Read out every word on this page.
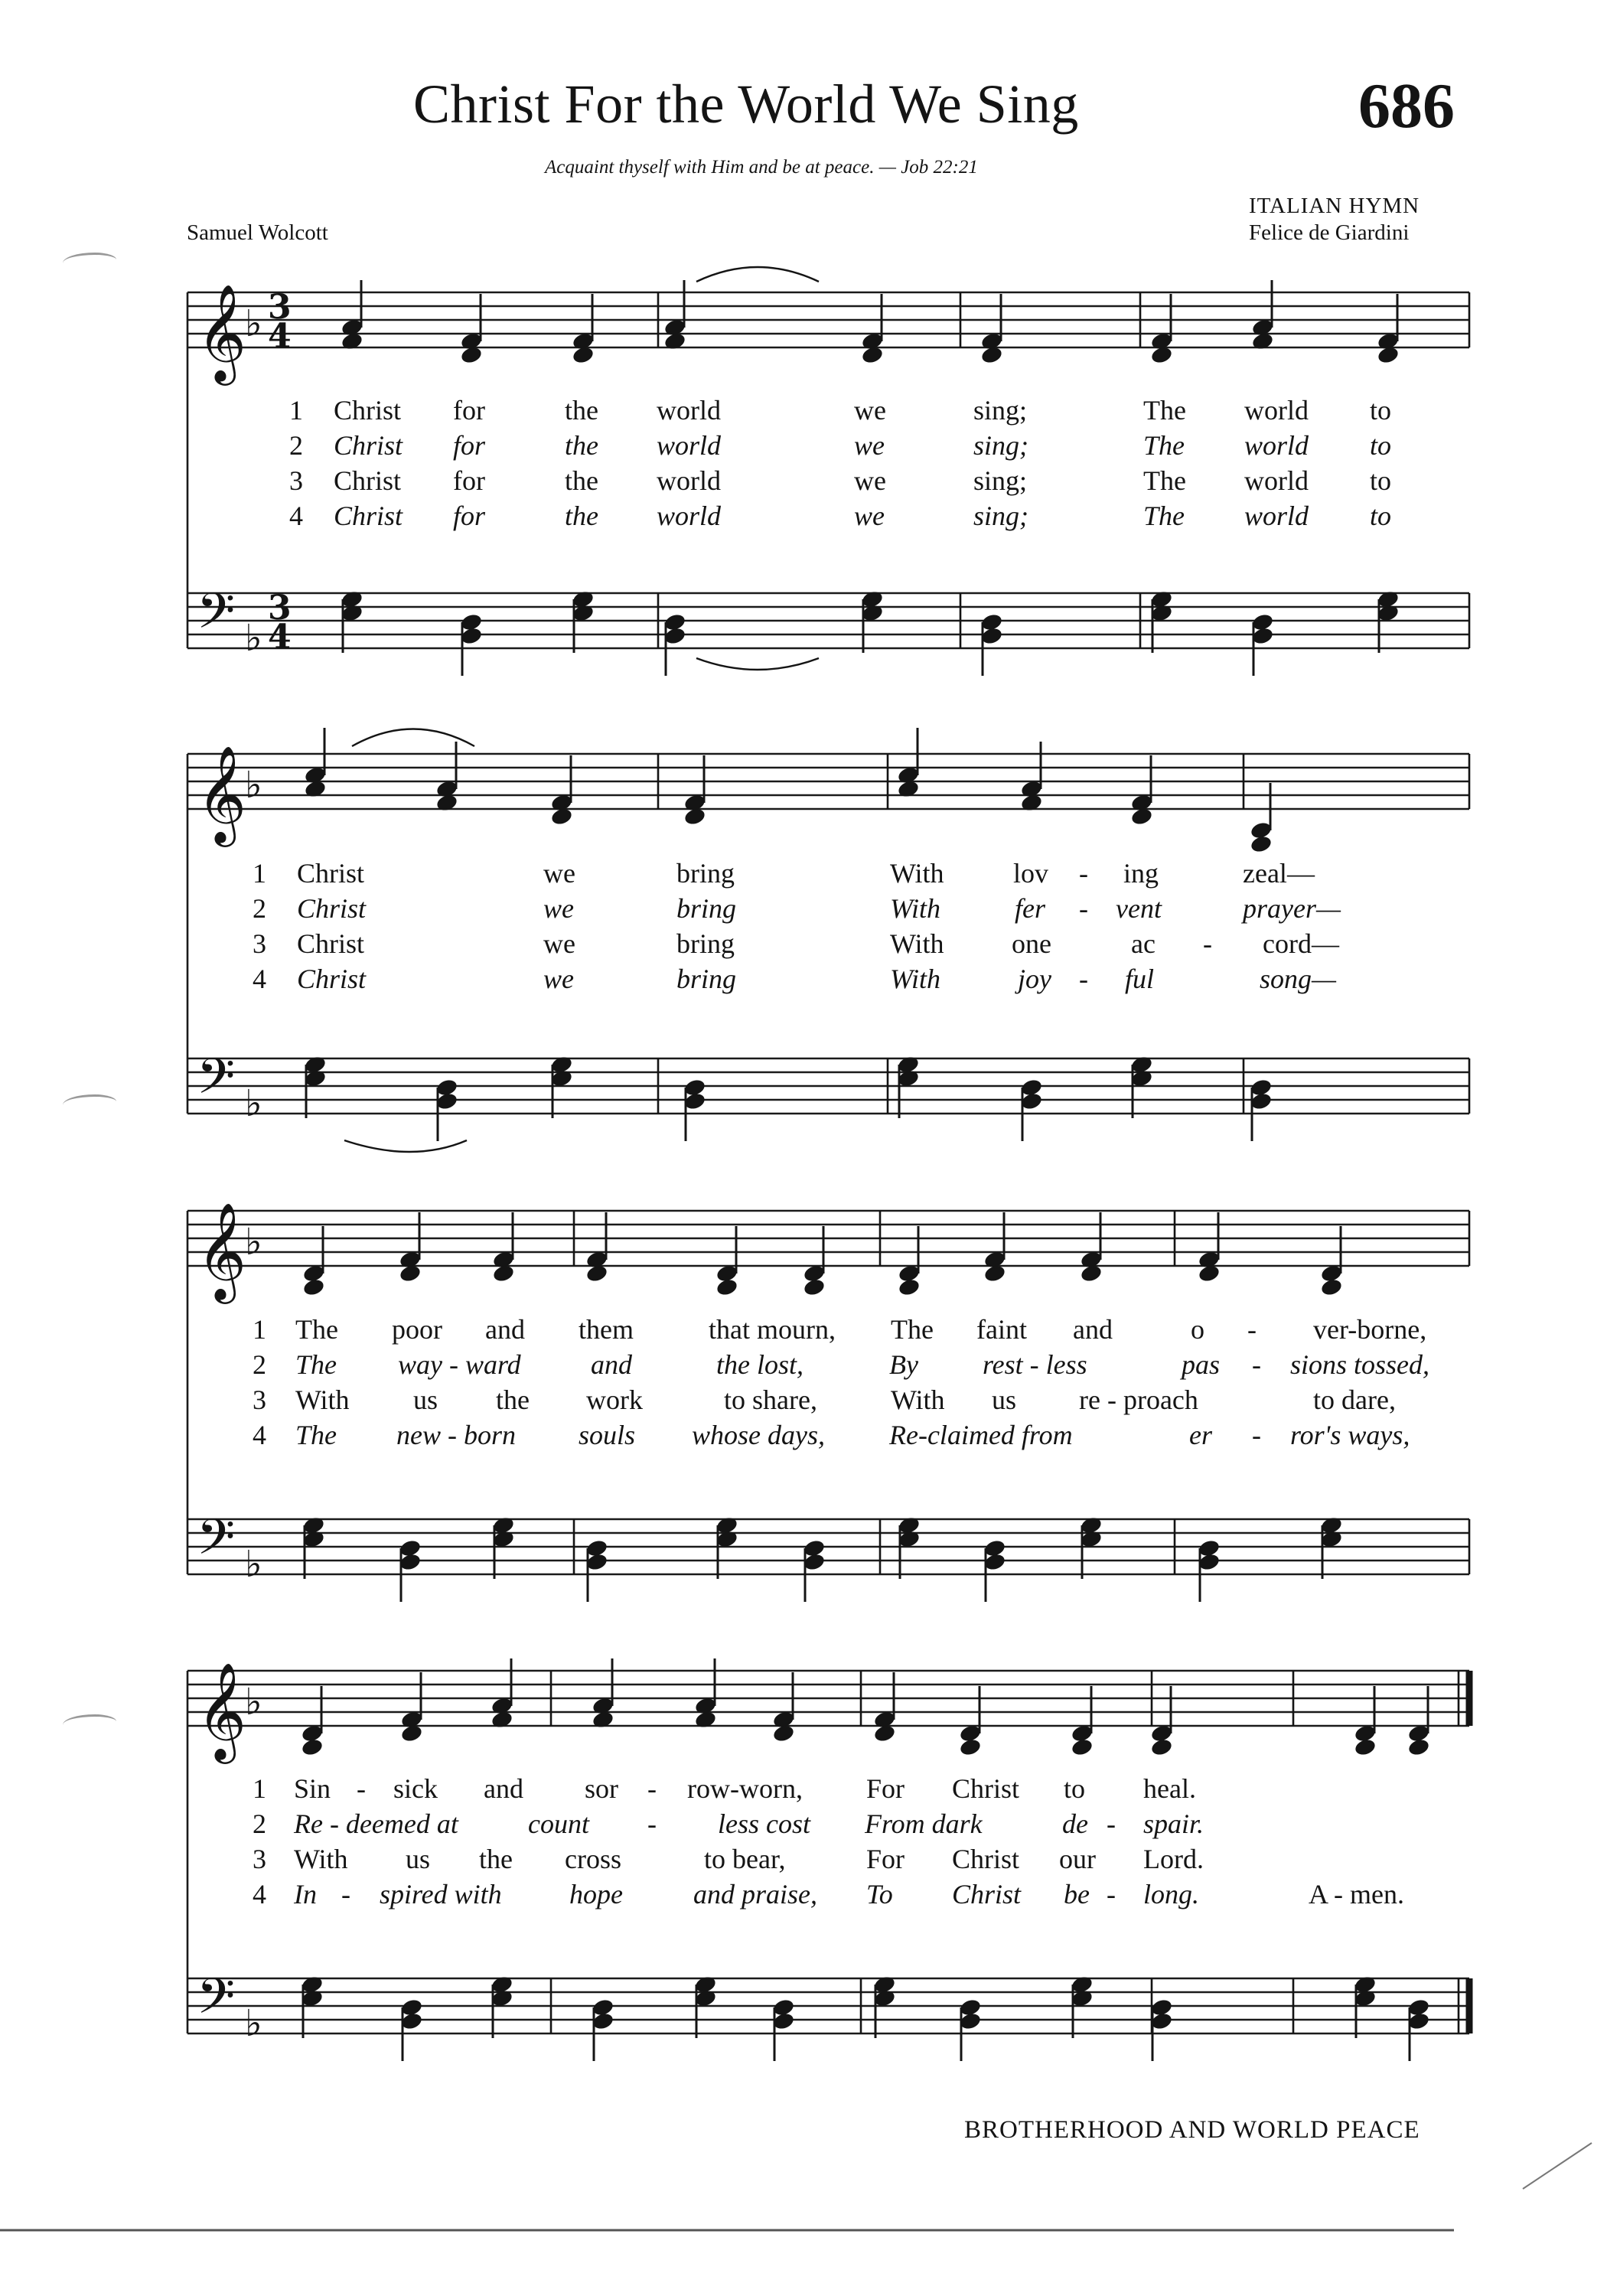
Christ For the World We Sing	686
Acquaint thyself with Him and be at peace. — Job 22:21
ITALIAN HYMN
Felice de Giardini
Samuel Wolcott
𝄞
♭ 3
4
𝄢 ♭
3
4
𝄞
♭
𝄢 ♭
𝄞
♭
𝄢 ♭
𝄞
♭
𝄢 ♭
1
2
3
4
Christ for	the world	we	sing;	The world to
Christ for	the world	we	sing;	The world to
Christ for	the world	we	sing;	The world to
Christ for	the world	we	sing;	The world to
1
2
3
4
Christ	we	bring	With	lov - ing	zeal—
Christ	we	bring	With	fer - vent	prayer—
Christ	we	bring	With one	ac - cord—
Christ	we	bring	With	joy - ful	song—
1
2
3
4
The poor and them	that mourn, The faint and	o - ver-borne,
The way - ward	and	the lost,	By rest - less	pas - sions tossed,
With us the work	to share,	With us re - proach	to dare,
The new - born souls whose days, Re-claimed from	er - ror's ways,
1
2
3
4
Sin - sick and sor - row-worn, For Christ to heal.
Re - deemed at	count - less cost From dark	de - spair.
With us the cross	to bear,	For Christ our Lord.
In - spired with hope	and praise, To Christ be - long.	A - men.
BROTHERHOOD AND WORLD PEACE
